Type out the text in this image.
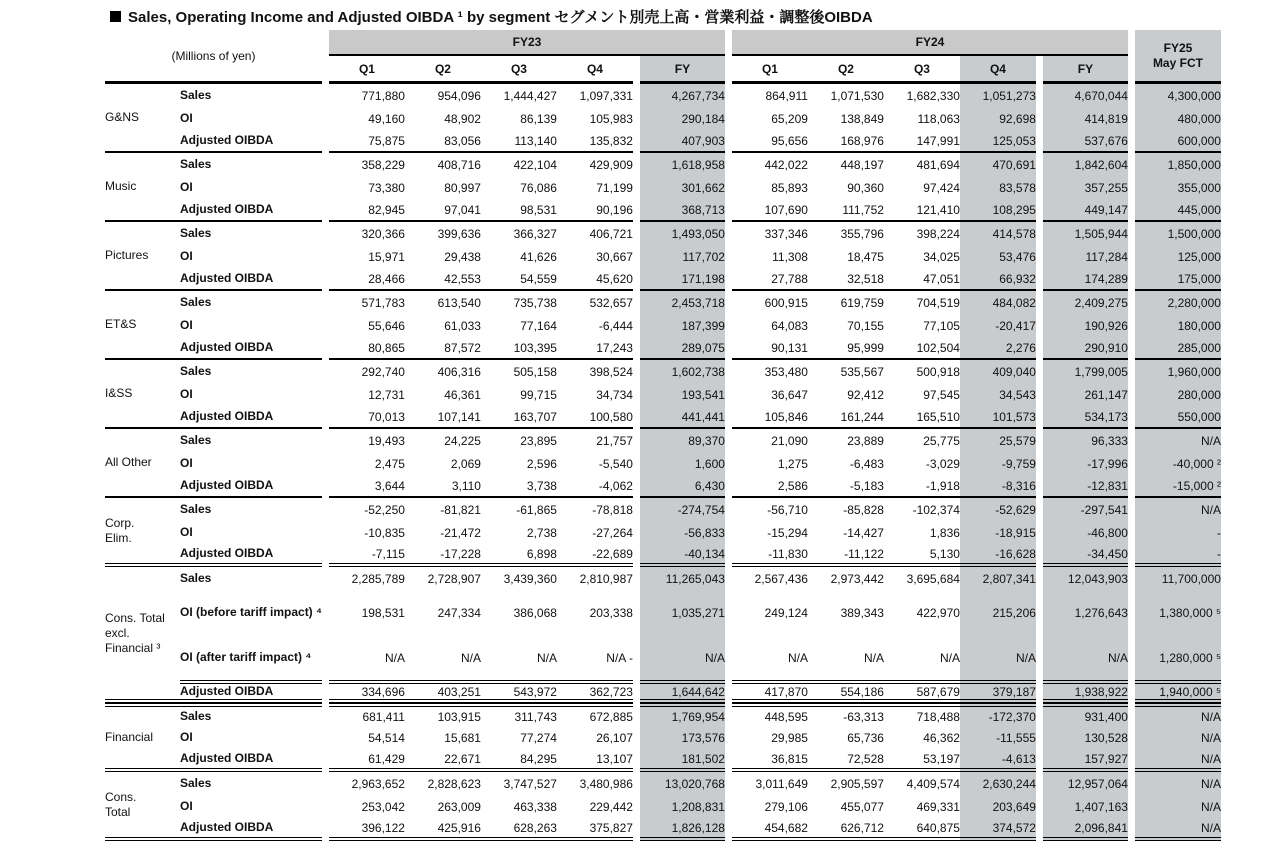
Sales, Operating Income and Adjusted OIBDA ¹ by segment セグメント別売上高・営業利益・調整後OIBDA
(Millions of yen)			FY23							FY24							FY25
May FCT
			Q1	Q2	Q3	Q4		FY		Q1	Q2	Q3	Q4		FY		
G&NS	Sales		771,880	954,096	1,444,427	1,097,331		4,267,734		864,911	1,071,530	1,682,330	1,051,273		4,670,044		4,300,000
	OI		49,160	48,902	86,139	105,983		290,184		65,209	138,849	118,063	92,698		414,819		480,000
	Adjusted OIBDA		75,875	83,056	113,140	135,832		407,903		95,656	168,976	147,991	125,053		537,676		600,000
Music	Sales		358,229	408,716	422,104	429,909		1,618,958		442,022	448,197	481,694	470,691		1,842,604		1,850,000
	OI		73,380	80,997	76,086	71,199		301,662		85,893	90,360	97,424	83,578		357,255		355,000
	Adjusted OIBDA		82,945	97,041	98,531	90,196		368,713		107,690	111,752	121,410	108,295		449,147		445,000
Pictures	Sales		320,366	399,636	366,327	406,721		1,493,050		337,346	355,796	398,224	414,578		1,505,944		1,500,000
	OI		15,971	29,438	41,626	30,667		117,702		11,308	18,475	34,025	53,476		117,284		125,000
	Adjusted OIBDA		28,466	42,553	54,559	45,620		171,198		27,788	32,518	47,051	66,932		174,289		175,000
ET&S	Sales		571,783	613,540	735,738	532,657		2,453,718		600,915	619,759	704,519	484,082		2,409,275		2,280,000
	OI		55,646	61,033	77,164	-6,444		187,399		64,083	70,155	77,105	-20,417		190,926		180,000
	Adjusted OIBDA		80,865	87,572	103,395	17,243		289,075		90,131	95,999	102,504	2,276		290,910		285,000
I&SS	Sales		292,740	406,316	505,158	398,524		1,602,738		353,480	535,567	500,918	409,040		1,799,005		1,960,000
	OI		12,731	46,361	99,715	34,734		193,541		36,647	92,412	97,545	34,543		261,147		280,000
	Adjusted OIBDA		70,013	107,141	163,707	100,580		441,441		105,846	161,244	165,510	101,573		534,173		550,000
All Other	Sales		19,493	24,225	23,895	21,757		89,370		21,090	23,889	25,775	25,579		96,333		N/A
	OI		2,475	2,069	2,596	-5,540		1,600		1,275	-6,483	-3,029	-9,759		-17,996		-40,000 ²
	Adjusted OIBDA		3,644	3,110	3,738	-4,062		6,430		2,586	-5,183	-1,918	-8,316		-12,831		-15,000 ²
Corp.
Elim.	Sales		-52,250	-81,821	-61,865	-78,818		-274,754		-56,710	-85,828	-102,374	-52,629		-297,541		N/A
	OI		-10,835	-21,472	2,738	-27,264		-56,833		-15,294	-14,427	1,836	-18,915		-46,800		-
	Adjusted OIBDA		-7,115	-17,228	6,898	-22,689		-40,134		-11,830	-11,122	5,130	-16,628		-34,450		-
Cons. Total
excl.
Financial ³	Sales		2,285,789	2,728,907	3,439,360	2,810,987		11,265,043		2,567,436	2,973,442	3,695,684	2,807,341		12,043,903		11,700,000
	OI (before tariff impact) ⁴		198,531	247,334	386,068	203,338		1,035,271		249,124	389,343	422,970	215,206		1,276,643		1,380,000 ⁵
	OI (after tariff impact) ⁴		N/A	N/A	N/A	N/A -		N/A		N/A	N/A	N/A	N/A		N/A		1,280,000 ⁵
	Adjusted OIBDA		334,696	403,251	543,972	362,723		1,644,642		417,870	554,186	587,679	379,187		1,938,922		1,940,000 ⁵
Financial	Sales		681,411	103,915	311,743	672,885		1,769,954		448,595	-63,313	718,488	-172,370		931,400		N/A
	OI		54,514	15,681	77,274	26,107		173,576		29,985	65,736	46,362	-11,555		130,528		N/A
	Adjusted OIBDA		61,429	22,671	84,295	13,107		181,502		36,815	72,528	53,197	-4,613		157,927		N/A
Cons.
Total	Sales		2,963,652	2,828,623	3,747,527	3,480,986		13,020,768		3,011,649	2,905,597	4,409,574	2,630,244		12,957,064		N/A
	OI		253,042	263,009	463,338	229,442		1,208,831		279,106	455,077	469,331	203,649		1,407,163		N/A
	Adjusted OIBDA		396,122	425,916	628,263	375,827		1,826,128		454,682	626,712	640,875	374,572		2,096,841		N/A
